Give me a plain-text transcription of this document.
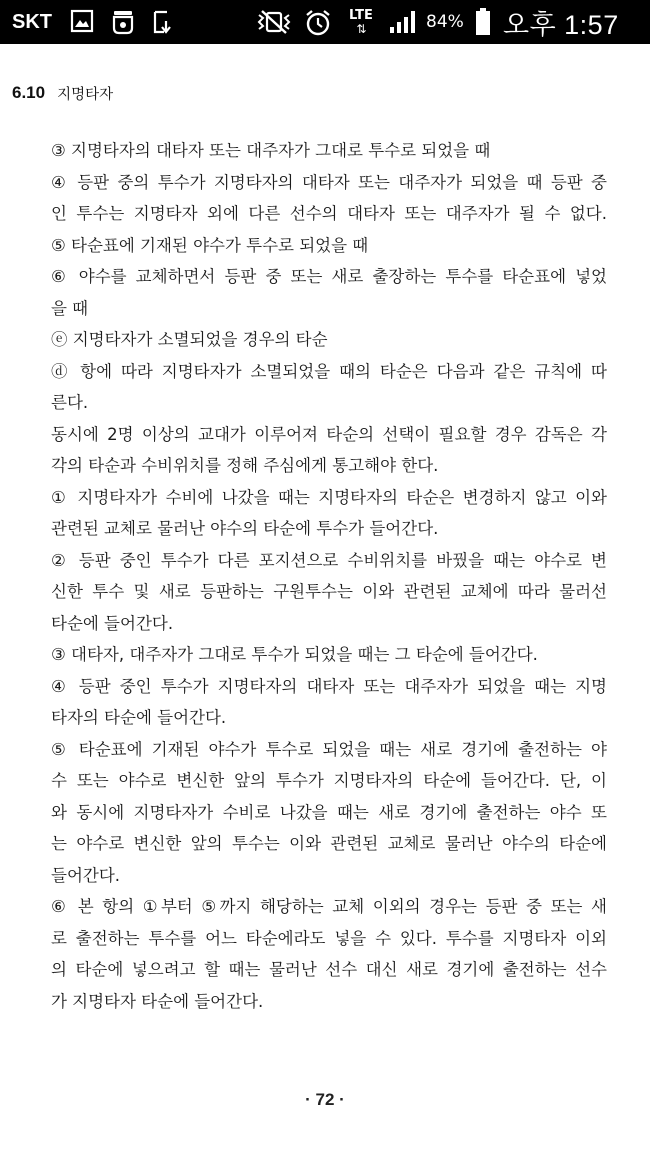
SKT	LTE
⇅	84% 오후 1:57
6.10 지명타자
③ 지명타자의 대타자 또는 대주자가 그대로 투수로 되었을 때
④ 등판 중의 투수가 지명타자의 대타자 또는 대주자가 되었을 때 등판 중
인 투수는 지명타자 외에 다른 선수의 대타자 또는 대주자가 될 수 없다.
⑤ 타순표에 기재된 야수가 투수로 되었을 때
⑥ 야수를 교체하면서 등판 중 또는 새로 출장하는 투수를 타순표에 넣었
을 때
ⓔ 지명타자가 소멸되었을 경우의 타순
ⓓ 항에 따라 지명타자가 소멸되었을 때의 타순은 다음과 같은 규칙에 따
른다.
동시에 2명 이상의 교대가 이루어져 타순의 선택이 필요할 경우 감독은 각
각의 타순과 수비위치를 정해 주심에게 통고해야 한다.
① 지명타자가 수비에 나갔을 때는 지명타자의 타순은 변경하지 않고 이와
관련된 교체로 물러난 야수의 타순에 투수가 들어간다.
② 등판 중인 투수가 다른 포지션으로 수비위치를 바꿨을 때는 야수로 변
신한 투수 및 새로 등판하는 구원투수는 이와 관련된 교체에 따라 물러선
타순에 들어간다.
③ 대타자, 대주자가 그대로 투수가 되었을 때는 그 타순에 들어간다.
④ 등판 중인 투수가 지명타자의 대타자 또는 대주자가 되었을 때는 지명
타자의 타순에 들어간다.
⑤ 타순표에 기재된 야수가 투수로 되었을 때는 새로 경기에 출전하는 야
수 또는 야수로 변신한 앞의 투수가 지명타자의 타순에 들어간다. 단, 이
와 동시에 지명타자가 수비로 나갔을 때는 새로 경기에 출전하는 야수 또
는 야수로 변신한 앞의 투수는 이와 관련된 교체로 물러난 야수의 타순에
들어간다.
⑥ 본 항의 ①부터 ⑤까지 해당하는 교체 이외의 경우는 등판 중 또는 새
로 출전하는 투수를 어느 타순에라도 넣을 수 있다. 투수를 지명타자 이외
의 타순에 넣으려고 할 때는 물러난 선수 대신 새로 경기에 출전하는 선수
가 지명타자 타순에 들어간다.
· 72 ·
